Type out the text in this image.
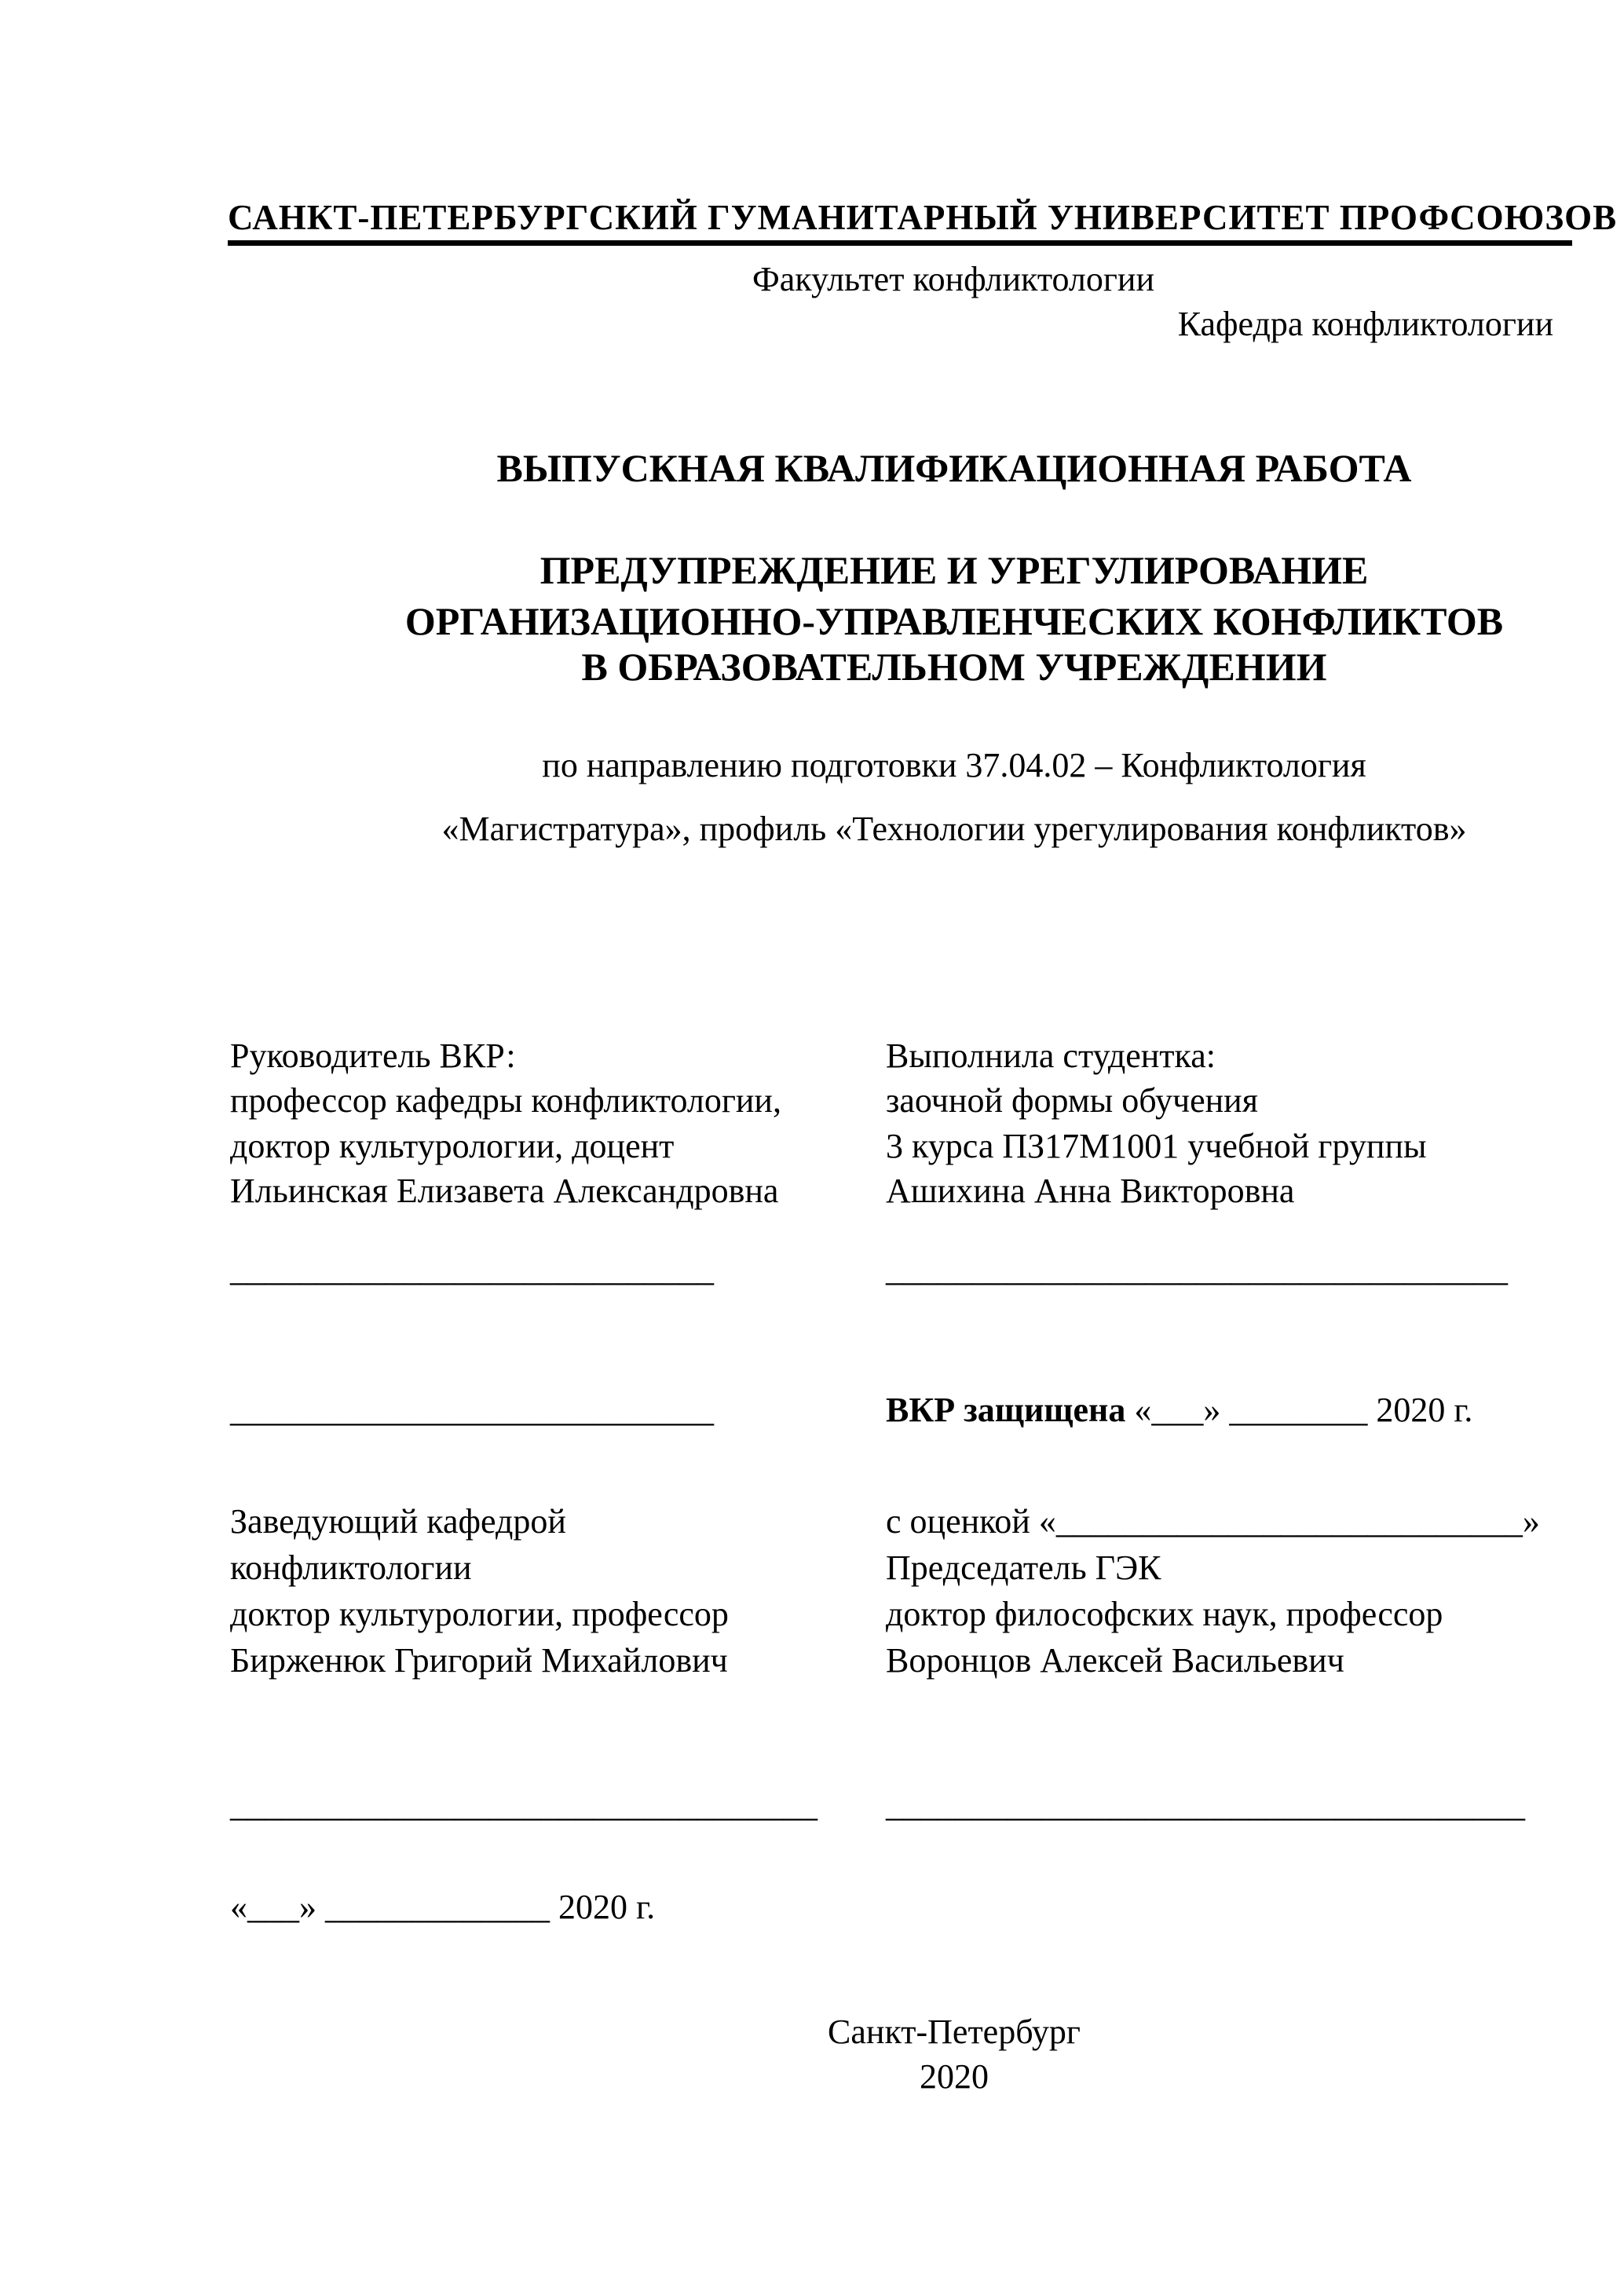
САНКТ-ПЕТЕРБУРГСКИЙ ГУМАНИТАРНЫЙ УНИВЕРСИТЕТ ПРОФСОЮЗОВ
Факультет конфликтологии
Кафедра конфликтологии
ВЫПУСКНАЯ КВАЛИФИКАЦИОННАЯ РАБОТА
ПРЕДУПРЕЖДЕНИЕ И УРЕГУЛИРОВАНИЕ
ОРГАНИЗАЦИОННО-УПРАВЛЕНЧЕСКИХ КОНФЛИКТОВ
В ОБРАЗОВАТЕЛЬНОМ УЧРЕЖДЕНИИ
по направлению подготовки 37.04.02 – Конфликтология
«Магистратура», профиль «Технологии урегулирования конфликтов»
Руководитель ВКР:
профессор кафедры конфликтологии,
доктор культурологии, доцент
Ильинская Елизавета Александровна
Выполнила студентка:
заочной формы обучения
3 курса ПЗ17М1001 учебной группы
Ашихина Анна Викторовна
____________________________	____________________________________
____________________________	ВКР защищена «___» ________ 2020 г.
Заведующий кафедрой
конфликтологии
доктор культурологии, профессор
Бирженюк Григорий Михайлович
с оценкой «___________________________»
Председатель ГЭК
доктор философских наук, профессор
Воронцов Алексей Васильевич
__________________________________ _____________________________________
«___» _____________ 2020 г.
Санкт-Петербург
2020
